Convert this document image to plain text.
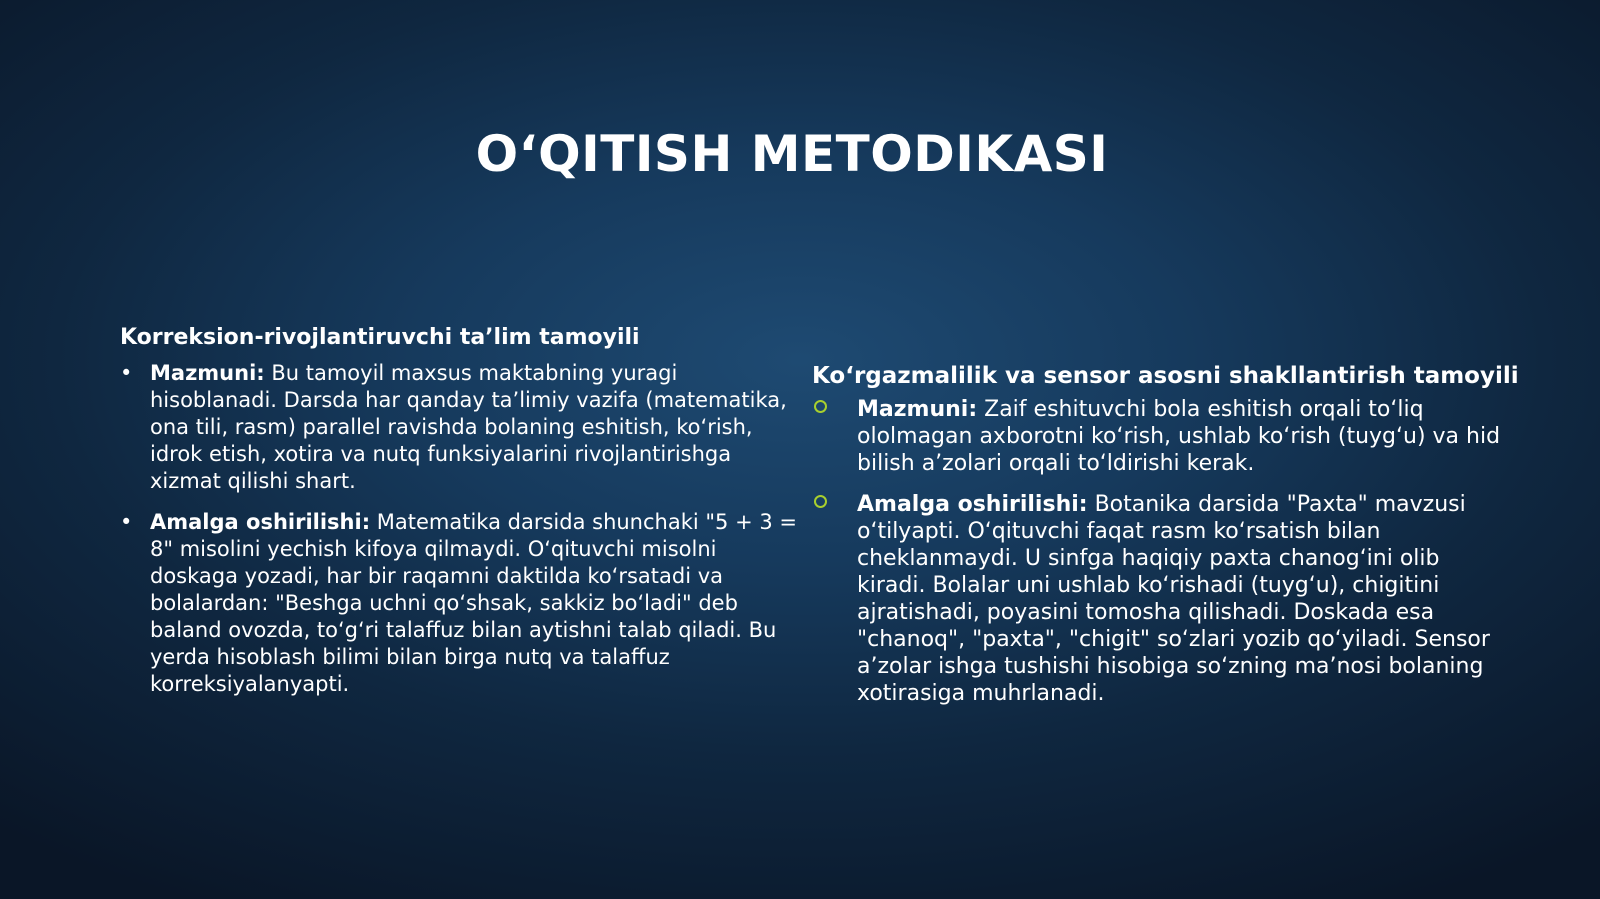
O‘QITISH METODIKASI
Korreksion-rivojlantiruvchi ta’lim tamoyili
• Mazmuni: Bu tamoyil maxsus maktabning yuragi hisoblanadi. Darsda har qanday ta’limiy vazifa (matematika, ona tili, rasm) parallel ravishda bolaning eshitish, ko‘rish, idrok etish, xotira va nutq funksiyalarini rivojlantirishga xizmat qilishi shart.
• Amalga oshirilishi: Matematika darsida shunchaki "5 + 3 = 8" misolini yechish kifoya qilmaydi. O‘qituvchi misolni doskaga yozadi, har bir raqamni daktilda ko‘rsatadi va bolalardan: "Beshga uchni qo‘shsak, sakkiz bo‘ladi" deb baland ovozda, to‘g‘ri talaffuz bilan aytishni talab qiladi. Bu yerda hisoblash bilimi bilan birga nutq va talaffuz korreksiyalanyapti.
Ko‘rgazmalilik va sensor asosni shakllantirish tamoyili
Mazmuni: Zaif eshituvchi bola eshitish orqali to‘liq ololmagan axborotni ko‘rish, ushlab ko‘rish (tuyg‘u) va hid bilish a’zolari orqali to‘ldirishi kerak.
Amalga oshirilishi: Botanika darsida "Paxta" mavzusi o‘tilyapti. O‘qituvchi faqat rasm ko‘rsatish bilan cheklanmaydi. U sinfga haqiqiy paxta chanog‘ini olib kiradi. Bolalar uni ushlab ko‘rishadi (tuyg‘u), chigitini ajratishadi, poyasini tomosha qilishadi. Doskada esa "chanoq", "paxta", "chigit" so‘zlari yozib qo‘yiladi. Sensor a’zolar ishga tushishi hisobiga so‘zning ma’nosi bolaning xotirasiga muhrlanadi.
